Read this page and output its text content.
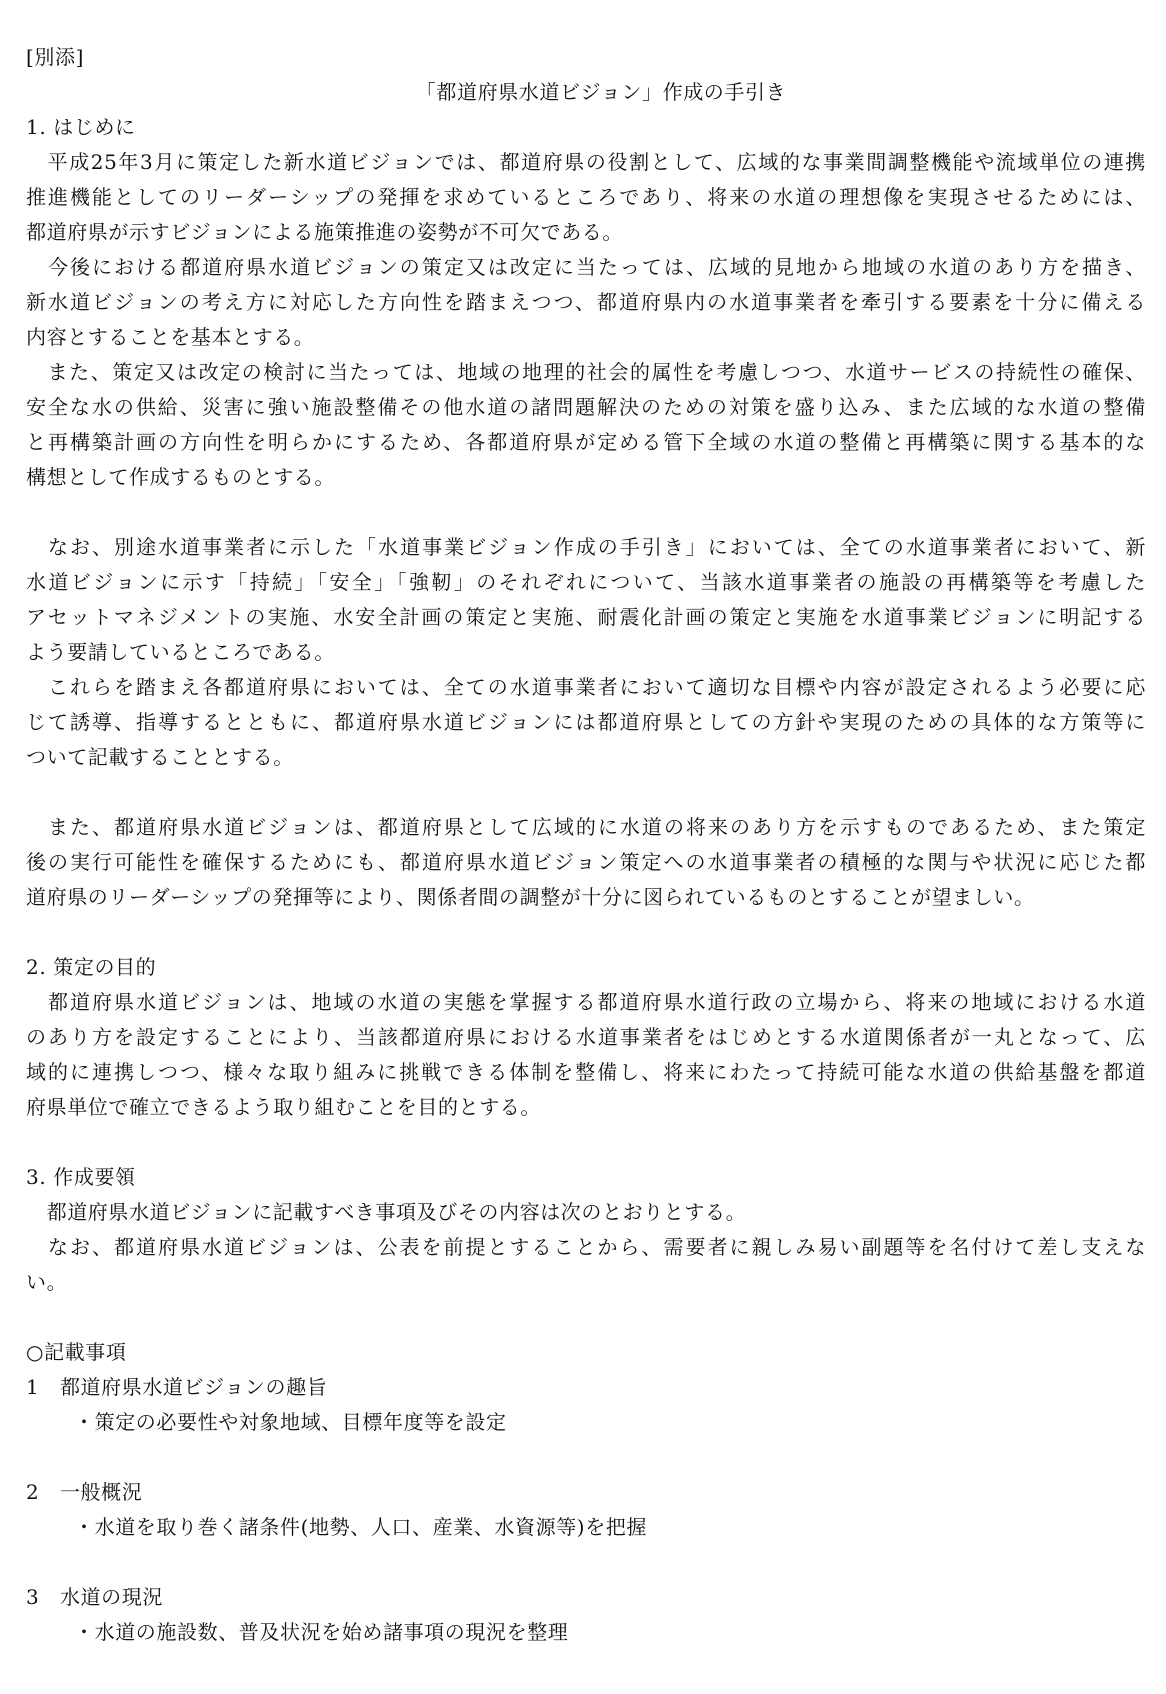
[別添]
「都道府県水道ビジョン」作成の手引き
1. はじめに
　平成25年3月に策定した新水道ビジョンでは、都道府県の役割として、広域的な事業間調整機能や流域単位の連携
推進機能としてのリーダーシップの発揮を求めているところであり、将来の水道の理想像を実現させるためには、
都道府県が示すビジョンによる施策推進の姿勢が不可欠である。
　今後における都道府県水道ビジョンの策定又は改定に当たっては、広域的見地から地域の水道のあり方を描き、
新水道ビジョンの考え方に対応した方向性を踏まえつつ、都道府県内の水道事業者を牽引する要素を十分に備える
内容とすることを基本とする。
　また、策定又は改定の検討に当たっては、地域の地理的社会的属性を考慮しつつ、水道サービスの持続性の確保、
安全な水の供給、災害に強い施設整備その他水道の諸問題解決のための対策を盛り込み、また広域的な水道の整備
と再構築計画の方向性を明らかにするため、各都道府県が定める管下全域の水道の整備と再構築に関する基本的な
構想として作成するものとする。
　なお、別途水道事業者に示した「水道事業ビジョン作成の手引き」においては、全ての水道事業者において、新
水道ビジョンに示す「持続」「安全」「強靭」のそれぞれについて、当該水道事業者の施設の再構築等を考慮した
アセットマネジメントの実施、水安全計画の策定と実施、耐震化計画の策定と実施を水道事業ビジョンに明記する
よう要請しているところである。
　これらを踏まえ各都道府県においては、全ての水道事業者において適切な目標や内容が設定されるよう必要に応
じて誘導、指導するとともに、都道府県水道ビジョンには都道府県としての方針や実現のための具体的な方策等に
ついて記載することとする。
　また、都道府県水道ビジョンは、都道府県として広域的に水道の将来のあり方を示すものであるため、また策定
後の実行可能性を確保するためにも、都道府県水道ビジョン策定への水道事業者の積極的な関与や状況に応じた都
道府県のリーダーシップの発揮等により、関係者間の調整が十分に図られているものとすることが望ましい。
2. 策定の目的
　都道府県水道ビジョンは、地域の水道の実態を掌握する都道府県水道行政の立場から、将来の地域における水道
のあり方を設定することにより、当該都道府県における水道事業者をはじめとする水道関係者が一丸となって、広
域的に連携しつつ、様々な取り組みに挑戦できる体制を整備し、将来にわたって持続可能な水道の供給基盤を都道
府県単位で確立できるよう取り組むことを目的とする。
3. 作成要領
　都道府県水道ビジョンに記載すべき事項及びその内容は次のとおりとする。
　なお、都道府県水道ビジョンは、公表を前提とすることから、需要者に親しみ易い副題等を名付けて差し支えな
い。
○記載事項
1　 都道府県水道ビジョンの趣旨
・策定の必要性や対象地域、目標年度等を設定
2　 一般概況
・水道を取り巻く諸条件(地勢、人口、産業、水資源等)を把握
3　 水道の現況
・水道の施設数、普及状況を始め諸事項の現況を整理
